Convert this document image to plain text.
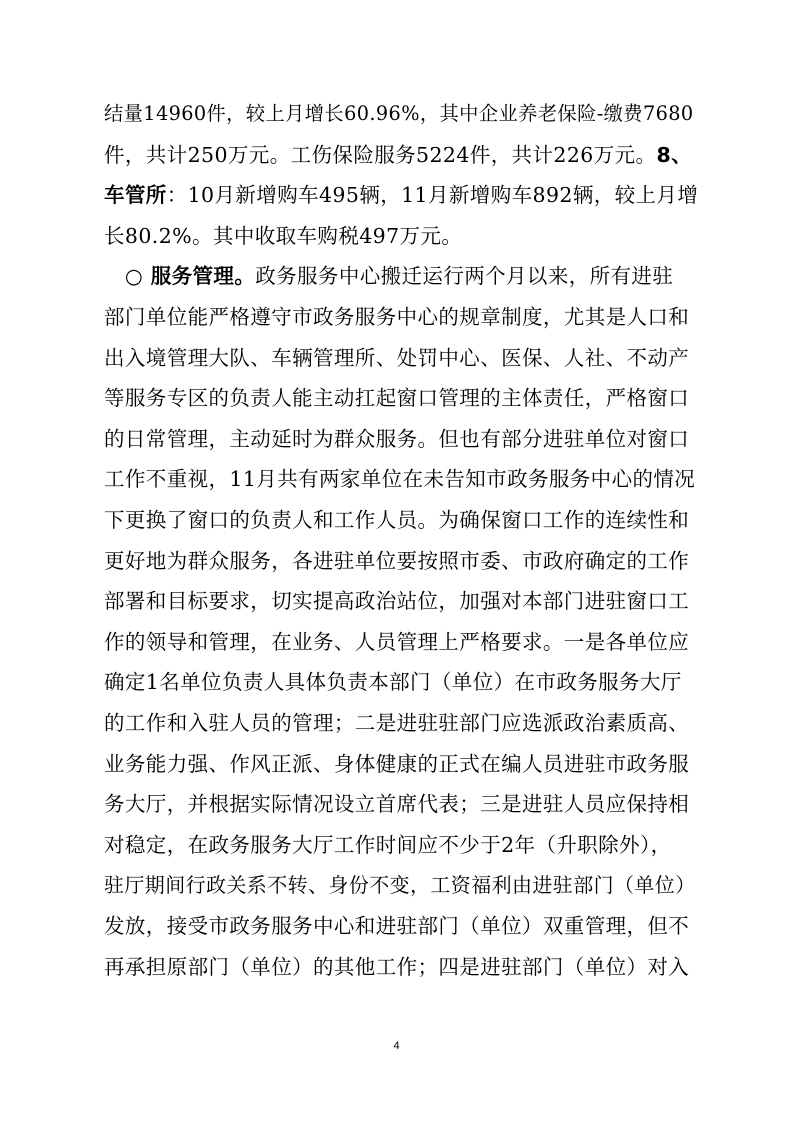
结量14960件，较上月增长60.96%，其中企业养老保险-缴费7680
件，共计250万元。工伤保险服务5224件，共计226万元。8、
车管所：10月新增购车495辆，11月新增购车892辆，较上月增
长80.2%。其中收取车购税497万元。
　○ 服务管理。政务服务中心搬迁运行两个月以来，所有进驻
部门单位能严格遵守市政务服务中心的规章制度，尤其是人口和
出入境管理大队、车辆管理所、处罚中心、医保、人社、不动产
等服务专区的负责人能主动扛起窗口管理的主体责任，严格窗口
的日常管理，主动延时为群众服务。但也有部分进驻单位对窗口
工作不重视，11月共有两家单位在未告知市政务服务中心的情况
下更换了窗口的负责人和工作人员。为确保窗口工作的连续性和
更好地为群众服务，各进驻单位要按照市委、市政府确定的工作
部署和目标要求，切实提高政治站位，加强对本部门进驻窗口工
作的领导和管理，在业务、人员管理上严格要求。一是各单位应
确定1名单位负责人具体负责本部门（单位）在市政务服务大厅
的工作和入驻人员的管理；二是进驻驻部门应选派政治素质高、
业务能力强、作风正派、身体健康的正式在编人员进驻市政务服
务大厅，并根据实际情况设立首席代表；三是进驻人员应保持相
对稳定，在政务服务大厅工作时间应不少于2年（升职除外），
驻厅期间行政关系不转、身份不变，工资福利由进驻部门（单位）
发放，接受市政务服务中心和进驻部门（单位）双重管理，但不
再承担原部门（单位）的其他工作；四是进驻部门（单位）对入
4
